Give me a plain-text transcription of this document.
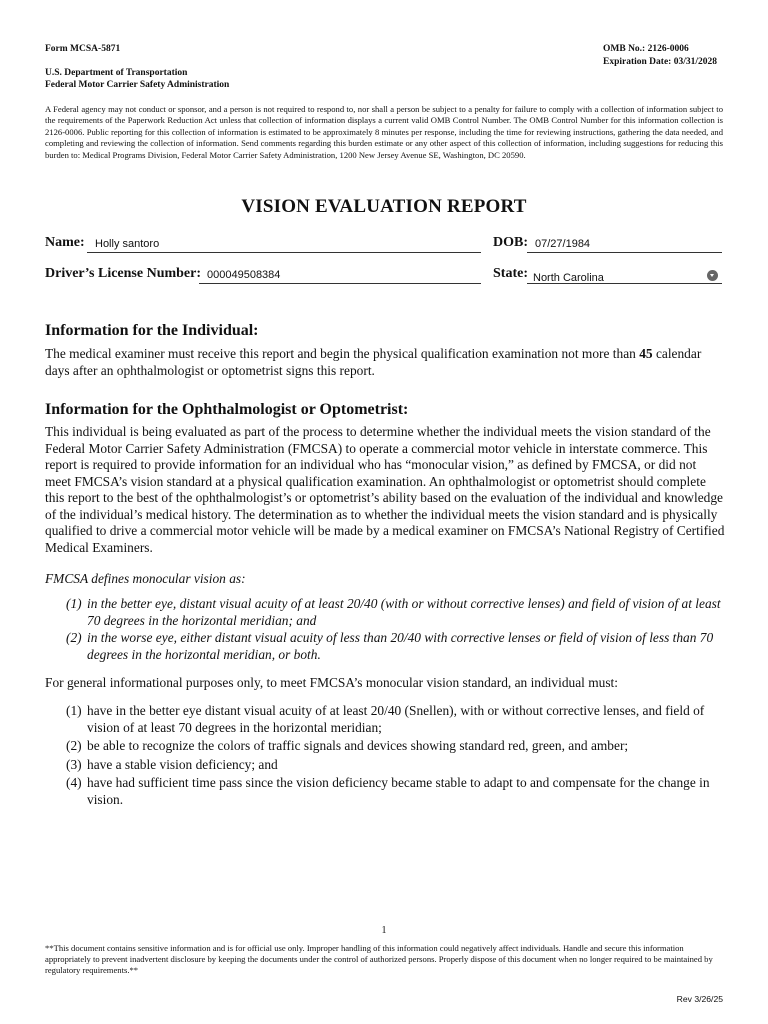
Form MCSA-5871
U.S. Department of Transportation
Federal Motor Carrier Safety Administration
OMB No.: 2126-0006
Expiration Date: 03/31/2028
A Federal agency may not conduct or sponsor, and a person is not required to respond to, nor shall a person be subject to a penalty for failure to comply with a collection of information subject to the requirements of the Paperwork Reduction Act unless that collection of information displays a current valid OMB Control Number. The OMB Control Number for this information collection is 2126-0006. Public reporting for this collection of information is estimated to be approximately 8 minutes per response, including the time for reviewing instructions, gathering the data needed, and completing and reviewing the collection of information. Send comments regarding this burden estimate or any other aspect of this collection of information, including suggestions for reducing this burden to: Medical Programs Division, Federal Motor Carrier Safety Administration, 1200 New Jersey Avenue SE, Washington, DC 20590.
VISION EVALUATION REPORT
Name: Holly santoro	DOB: 07/27/1984
Driver’s License Number: 000049508384	State: North Carolina
Information for the Individual:
The medical examiner must receive this report and begin the physical qualification examination not more than 45 calendar days after an ophthalmologist or optometrist signs this report.
Information for the Ophthalmologist or Optometrist:
This individual is being evaluated as part of the process to determine whether the individual meets the vision standard of the Federal Motor Carrier Safety Administration (FMCSA) to operate a commercial motor vehicle in interstate commerce. This report is required to provide information for an individual who has “monocular vision,” as defined by FMCSA, or did not meet FMCSA’s vision standard at a physical qualification examination. An ophthalmologist or optometrist should complete this report to the best of the ophthalmologist’s or optometrist’s ability based on the evaluation of the individual and knowledge of the individual’s medical history. The determination as to whether the individual meets the vision standard and is physically qualified to drive a commercial motor vehicle will be made by a medical examiner on FMCSA’s National Registry of Certified Medical Examiners.
FMCSA defines monocular vision as:
(1) in the better eye, distant visual acuity of at least 20/40 (with or without corrective lenses) and field of vision of at least 70 degrees in the horizontal meridian; and
(2) in the worse eye, either distant visual acuity of less than 20/40 with corrective lenses or field of vision of less than 70 degrees in the horizontal meridian, or both.
For general informational purposes only, to meet FMCSA’s monocular vision standard, an individual must:
(1) have in the better eye distant visual acuity of at least 20/40 (Snellen), with or without corrective lenses, and field of vision of at least 70 degrees in the horizontal meridian;
(2) be able to recognize the colors of traffic signals and devices showing standard red, green, and amber;
(3) have a stable vision deficiency; and
(4) have had sufficient time pass since the vision deficiency became stable to adapt to and compensate for the change in vision.
1
**This document contains sensitive information and is for official use only. Improper handling of this information could negatively affect individuals. Handle and secure this information appropriately to prevent inadvertent disclosure by keeping the documents under the control of authorized persons. Properly dispose of this document when no longer required to be maintained by regulatory requirements.**
Rev 3/26/25
